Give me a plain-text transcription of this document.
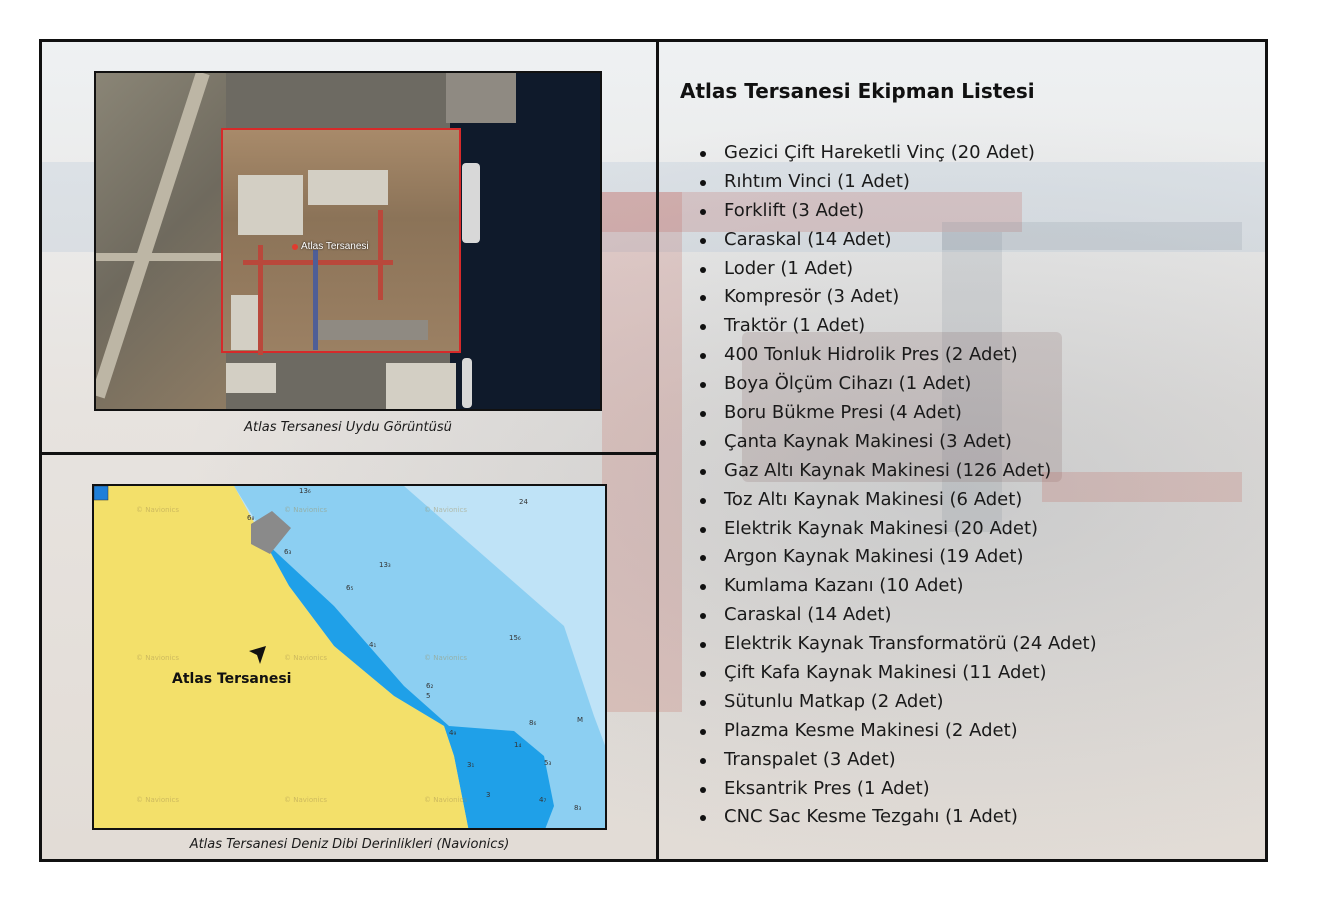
Atlas Tersanesi
Atlas Tersanesi Uydu Görüntüsü
© Navionics	© Navionics	© Navionics
© Navionics	© Navionics	© Navionics
© Navionics	© Navionics	© Navionics
13₆
24
6₈
6₃
13₃
6₅
15₆
4₁
6₂
5
M
8₆
4₉
1₄
3₁	5₃
3
4₇
8₃
Atlas Tersanesi
Atlas Tersanesi Deniz Dibi Derinlikleri (Navionics)
Atlas Tersanesi Ekipman Listesi
Gezici Çift Hareketli Vinç (20 Adet)
Rıhtım Vinci (1 Adet)
Forklift (3 Adet)
Caraskal (14 Adet)
Loder (1 Adet)
Kompresör (3 Adet)
Traktör (1 Adet)
400 Tonluk Hidrolik Pres (2 Adet)
Boya Ölçüm Cihazı (1 Adet)
Boru Bükme Presi (4 Adet)
Çanta Kaynak Makinesi (3 Adet)
Gaz Altı Kaynak Makinesi (126 Adet)
Toz Altı Kaynak Makinesi (6 Adet)
Elektrik Kaynak Makinesi (20 Adet)
Argon Kaynak Makinesi (19 Adet)
Kumlama Kazanı (10 Adet)
Caraskal (14 Adet)
Elektrik Kaynak Transformatörü (24 Adet)
Çift Kafa Kaynak Makinesi (11 Adet)
Sütunlu Matkap (2 Adet)
Plazma Kesme Makinesi (2 Adet)
Transpalet (3 Adet)
Eksantrik Pres (1 Adet)
CNC Sac Kesme Tezgahı (1 Adet)
